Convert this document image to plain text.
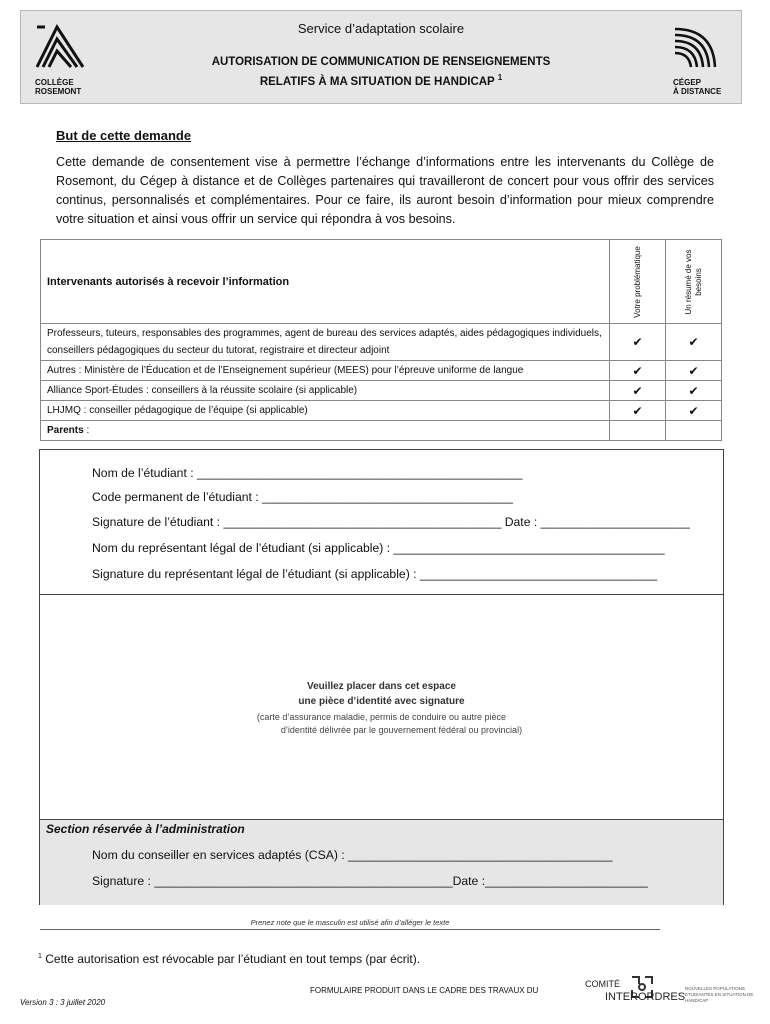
COLLÈGE
ROSEMONT
Service d’adaptation scolaire
AUTORISATION DE COMMUNICATION DE RENSEIGNEMENTS
RELATIFS À MA SITUATION DE HANDICAP $^1$
CÉGEP
À DISTANCE
But de cette demande
Cette demande de consentement vise à permettre l’échange d’informations entre les intervenants du Collège de Rosemont, du Cégep à distance et de Collèges partenaires qui travailleront de concert pour vous offrir des services continus, personnalisés et complémentaires. Pour ce faire, ils auront besoin d’information pour mieux comprendre votre situation et ainsi vous offrir un service qui répondra à vos besoins.
Intervenants autorisés à recevoir l’information	Votre problématique	Un résumé de vos besoins

Professeurs, tuteurs, responsables des programmes, agent de bureau des services adaptés, aides pédagogiques individuels, conseillers pédagogiques du secteur du tutorat, registraire et directeur adjoint	✔	✔
Autres : Ministère de l’Éducation et de l’Enseignement supérieur (MEES) pour l’épreuve uniforme de langue	✔	✔
Alliance Sport-Études : conseillers à la réussite scolaire (si applicable)	✔	✔
LHJMQ : conseiller pédagogique de l’équipe (si applicable)	✔	✔
Parents :		
Nom de l’étudiant : ________________________________________________
Code permanent de l’étudiant : _____________________________________
Signature de l’étudiant : _________________________________________ Date : ______________________
Nom du représentant légal de l’étudiant (si applicable) : ________________________________________
Signature du représentant légal de l’étudiant (si applicable) : ___________________________________
Veuillez placer dans cet espace
une pièce d’identité avec signature
(carte d’assurance maladie, permis de conduire ou autre pièce
d’identité délivrée par le gouvernement fédéral ou provincial)
Section réservée à l’administration
Nom du conseiller en services adaptés (CSA) : _______________________________________
Signature : ____________________________________________Date :________________________
Prenez note que le masculin est utilisé afin d’alléger le texte
$^1$ Cette autorisation est révocable par l’étudiant en tout temps (par écrit).
FORMULAIRE PRODUIT DANS LE CADRE DES TRAVAUX DU
Version 3 : 3 juillet 2020
COMITÉ
INTERORDRES
NOUVELLES POPULATIONS ÉTUDIANTES EN SITUATION DE HANDICAP
